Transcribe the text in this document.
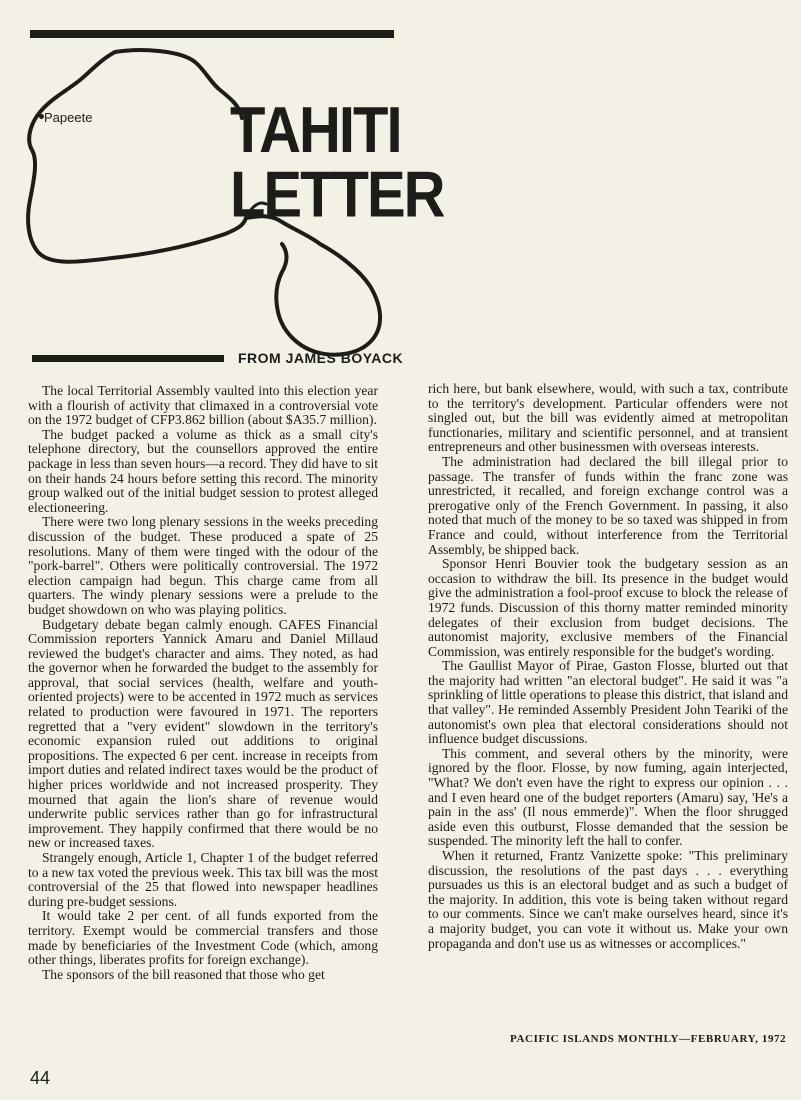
Papeete TAHITI
LETTER
FROM JAMES BOYACK

The local Territorial Assembly vaulted into this election year with a flourish of activity that climaxed in a controversial vote on the 1972 budget of CFP3.862 billion (about $A35.7 million).

The budget packed a volume as thick as a small city's telephone directory, but the counsellors approved the entire package in less than seven hours—a record. They did have to sit on their hands 24 hours before setting this record. The minority group walked out of the initial budget session to protest alleged electioneering.

There were two long plenary sessions in the weeks preceding discussion of the budget. These produced a spate of 25 resolutions. Many of them were tinged with the odour of the "pork-barrel". Others were politically controversial. The 1972 election campaign had begun. This charge came from all quarters. The windy plenary sessions were a prelude to the budget showdown on who was playing politics.

Budgetary debate began calmly enough. CAFES Financial Commission reporters Yannick Amaru and Daniel Millaud reviewed the budget's character and aims. They noted, as had the governor when he forwarded the budget to the assembly for approval, that social services (health, welfare and youth-oriented projects) were to be accented in 1972 much as services related to production were favoured in 1971. The reporters regretted that a "very evident" slowdown in the territory's economic expansion ruled out additions to original propositions. The expected 6 per cent. increase in receipts from import duties and related indirect taxes would be the product of higher prices worldwide and not increased prosperity. They mourned that again the lion's share of revenue would underwrite public services rather than go for infrastructural improvement. They happily confirmed that there would be no new or increased taxes.

Strangely enough, Article 1, Chapter 1 of the budget referred to a new tax voted the previous week. This tax bill was the most controversial of the 25 that flowed into newspaper headlines during pre-budget sessions.

It would take 2 per cent. of all funds exported from the territory. Exempt would be commercial transfers and those made by beneficiaries of the Investment Code (which, among other things, liberates profits for foreign exchange).

The sponsors of the bill reasoned that those who get

rich here, but bank elsewhere, would, with such a tax, contribute to the territory's development. Particular offenders were not singled out, but the bill was evidently aimed at metropolitan functionaries, military and scientific personnel, and at transient entrepreneurs and other businessmen with overseas interests.

The administration had declared the bill illegal prior to passage. The transfer of funds within the franc zone was unrestricted, it recalled, and foreign exchange control was a prerogative only of the French Government. In passing, it also noted that much of the money to be so taxed was shipped in from France and could, without interference from the Territorial Assembly, be shipped back.

Sponsor Henri Bouvier took the budgetary session as an occasion to withdraw the bill. Its presence in the budget would give the administration a fool-proof excuse to block the release of 1972 funds. Discussion of this thorny matter reminded minority delegates of their exclusion from budget decisions. The autonomist majority, exclusive members of the Financial Commission, was entirely responsible for the budget's wording.

The Gaullist Mayor of Pirae, Gaston Flosse, blurted out that the majority had written "an electoral budget". He said it was "a sprinkling of little operations to please this district, that island and that valley". He reminded Assembly President John Teariki of the autonomist's own plea that electoral considerations should not influence budget discussions.

This comment, and several others by the minority, were ignored by the floor. Flosse, by now fuming, again interjected, "What? We don't even have the right to express our opinion . . . and I even heard one of the budget reporters (Amaru) say, 'He's a pain in the ass' (Il nous emmerde)". When the floor shrugged aside even this outburst, Flosse demanded that the session be suspended. The minority left the hall to confer.

When it returned, Frantz Vanizette spoke: "This preliminary discussion, the resolutions of the past days . . . everything pursuades us this is an electoral budget and as such a budget of the majority. In addition, this vote is being taken without regard to our comments. Since we can't make ourselves heard, since it's a majority budget, you can vote it without us. Make your own propaganda and don't use us as witnesses or accomplices."

PACIFIC ISLANDS MONTHLY—FEBRUARY, 1972
44
